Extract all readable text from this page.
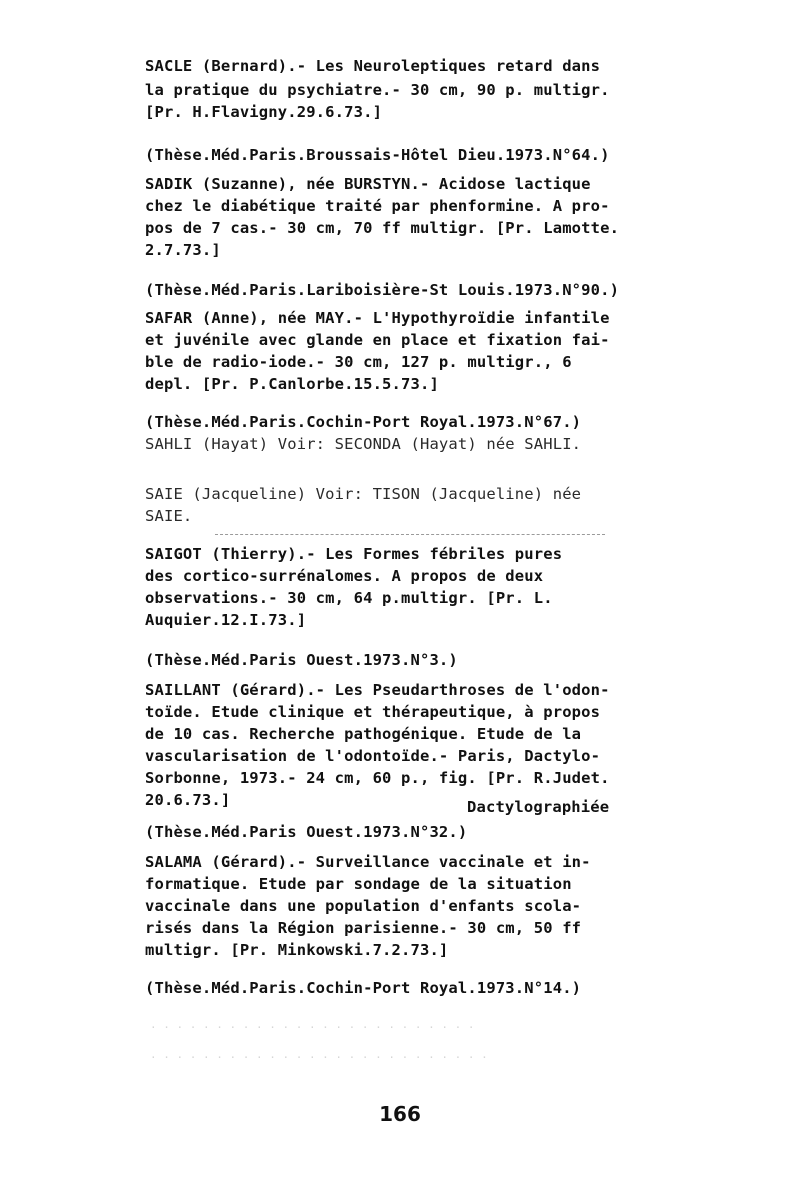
SACLE (Bernard).- Les Neuroleptiques retard dans
la pratique du psychiatre.- 30 cm, 90 p. multigr.
[Pr. H.Flavigny.29.6.73.]
(Thèse.Méd.Paris.Broussais-Hôtel Dieu.1973.N°64.)
SADIK (Suzanne), née BURSTYN.- Acidose lactique
chez le diabétique traité par phenformine. A pro-
pos de 7 cas.- 30 cm, 70 ff multigr. [Pr. Lamotte.
2.7.73.]
(Thèse.Méd.Paris.Lariboisière-St Louis.1973.N°90.)
SAFAR (Anne), née MAY.- L'Hypothyroïdie infantile
et juvénile avec glande en place et fixation fai-
ble de radio-iode.- 30 cm, 127 p. multigr., 6
depl. [Pr. P.Canlorbe.15.5.73.]
(Thèse.Méd.Paris.Cochin-Port Royal.1973.N°67.)
SAHLI (Hayat) Voir: SECONDA (Hayat) née SAHLI.
SAIE (Jacqueline) Voir: TISON (Jacqueline) née
SAIE.
SAIGOT (Thierry).- Les Formes fébriles pures
des cortico-surrénalomes. A propos de deux
observations.- 30 cm, 64 p.multigr. [Pr. L.
Auquier.12.I.73.]
(Thèse.Méd.Paris Ouest.1973.N°3.)
SAILLANT (Gérard).- Les Pseudarthroses de l'odon-
toïde. Etude clinique et thérapeutique, à propos
de 10 cas. Recherche pathogénique. Etude de la
vascularisation de l'odontoïde.- Paris, Dactylo-
Sorbonne, 1973.- 24 cm, 60 p., fig. [Pr. R.Judet.
20.6.73.]	Dactylographiée
(Thèse.Méd.Paris Ouest.1973.N°32.)
SALAMA (Gérard).- Surveillance vaccinale et in-
formatique. Etude par sondage de la situation
vaccinale dans une population d'enfants scola-
risés dans la Région parisienne.- 30 cm, 50 ff
multigr. [Pr. Minkowski.7.2.73.]
(Thèse.Méd.Paris.Cochin-Port Royal.1973.N°14.)
. . . . . . . . . . . . . . . . . . . . . . . . .
. . . . . . . . . . . . . . . . . . . . . . . . . .
166
